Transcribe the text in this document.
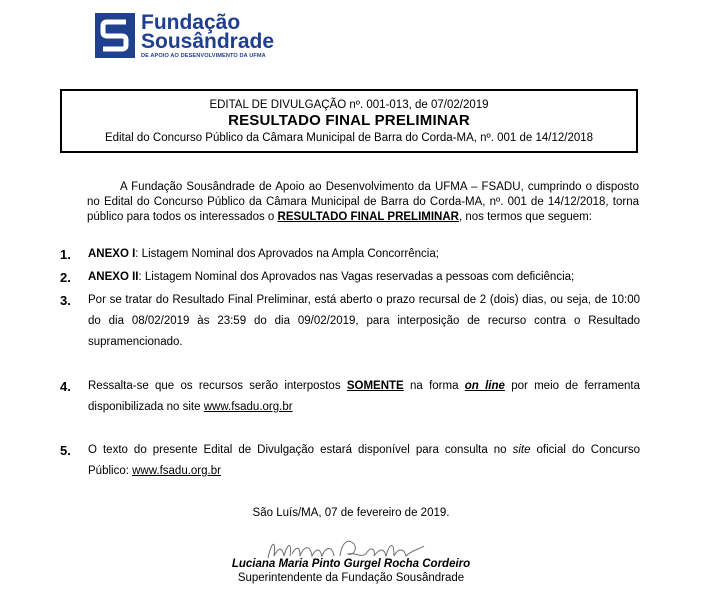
Fundação
Sousândrade
DE APOIO AO DESENVOLVIMENTO DA UFMA
EDITAL DE DIVULGAÇÃO nº. 001-013, de 07/02/2019
RESULTADO FINAL PRELIMINAR
Edital do Concurso Público da Câmara Municipal de Barra do Corda-MA, nº. 001 de 14/12/2018
A Fundação Sousândrade de Apoio ao Desenvolvimento da UFMA – FSADU, cumprindo o disposto no Edital do Concurso Público da Câmara Municipal de Barra do Corda-MA, nº. 001 de 14/12/2018, torna público para todos os interessados o RESULTADO FINAL PRELIMINAR, nos termos que seguem:
1. ANEXO I: Listagem Nominal dos Aprovados na Ampla Concorrência;
2. ANEXO II: Listagem Nominal dos Aprovados nas Vagas reservadas a pessoas com deficiência;
3. Por se tratar do Resultado Final Preliminar, está aberto o prazo recursal de 2 (dois) dias, ou seja, de 10:00 do dia 08/02/2019 às 23:59 do dia 09/02/2019, para interposição de recurso contra o Resultado supramencionado.
4. Ressalta-se que os recursos serão interpostos SOMENTE na forma on line por meio de ferramenta disponibilizada no site www.fsadu.org.br
5. O texto do presente Edital de Divulgação estará disponível para consulta no site oficial do Concurso Público: www.fsadu.org.br
São Luís/MA, 07 de fevereiro de 2019.
Luciana Maria Pinto Gurgel Rocha Cordeiro
Superintendente da Fundação Sousândrade
